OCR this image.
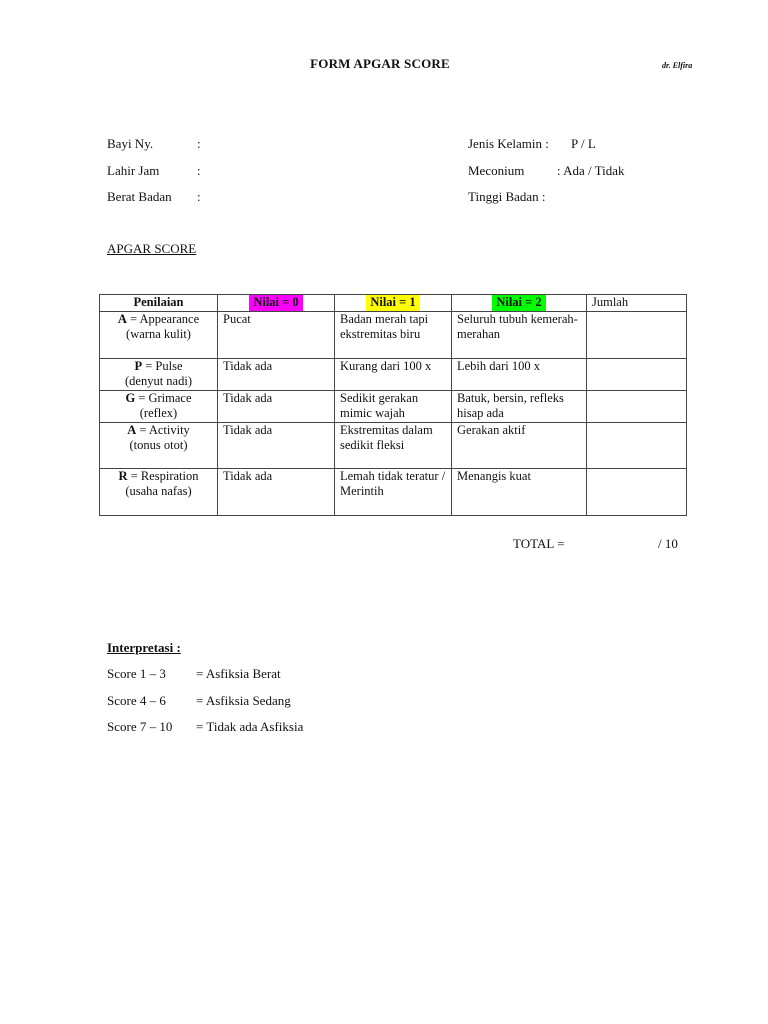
FORM APGAR SCORE	dr. Elfira
Bayi Ny.	:
Lahir Jam	:
Berat Badan :
Jenis Kelamin : P / L
Meconium	: Ada / Tidak
Tinggi Badan :
APGAR SCORE
Penilaian	Nilai = 0	Nilai = 1	Nilai = 2	Jumlah
A = Appearance
(warna kulit)	Pucat	Badan merah tapi ekstremitas biru	Seluruh tubuh kemerah-merahan	
P = Pulse
(denyut nadi)	Tidak ada	Kurang dari 100 x	Lebih dari 100 x	
G = Grimace
(reflex)	Tidak ada	Sedikit gerakan mimic wajah	Batuk, bersin, refleks hisap ada	
A = Activity
(tonus otot)	Tidak ada	Ekstremitas dalam sedikit fleksi	Gerakan aktif	
R = Respiration
(usaha nafas)	Tidak ada	Lemah tidak teratur / Merintih	Menangis kuat	
TOTAL =	/ 10
Interpretasi :
Score 1 – 3 = Asfiksia Berat
Score 4 – 6 = Asfiksia Sedang
Score 7 – 10 = Tidak ada Asfiksia
